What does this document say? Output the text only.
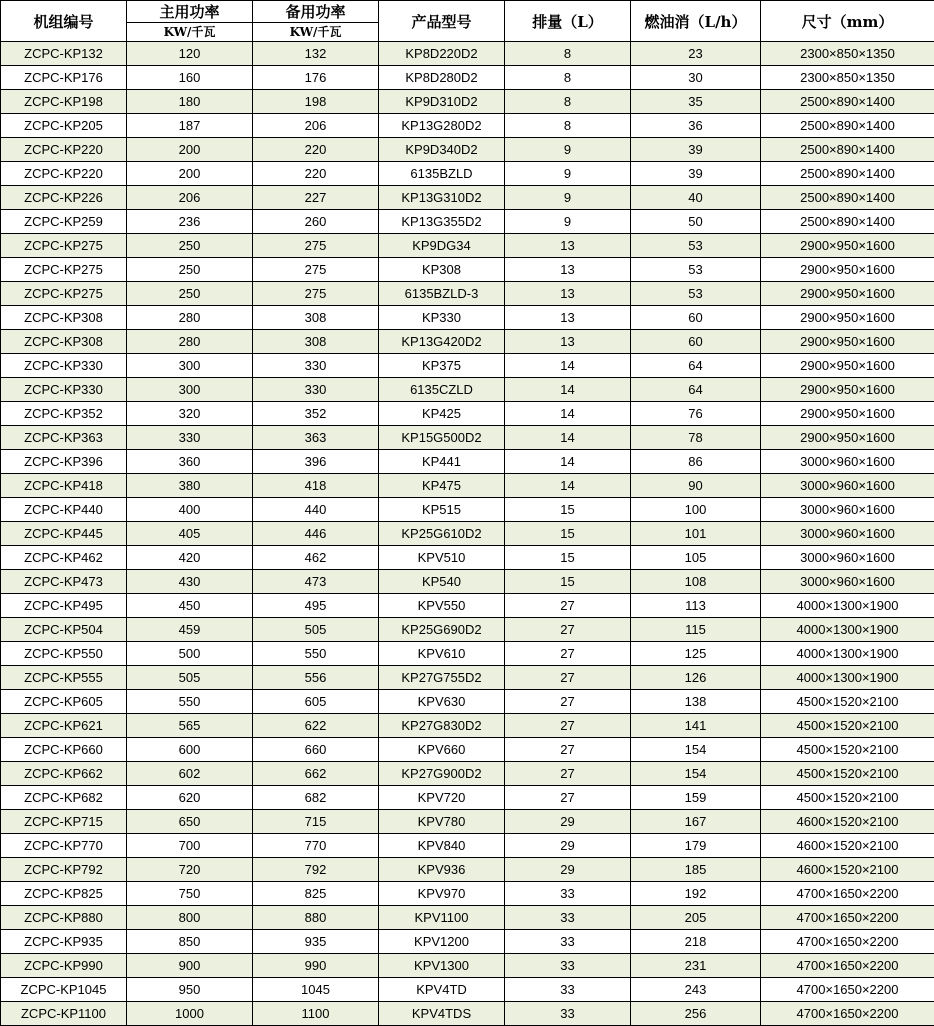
机组编号	主用功率	备用功率	产品型号	排量（L）	燃油消（L/h）	尺寸（mm）
	KW/千瓦	KW/千瓦				
ZCPC-KP132	120	132	KP8D220D2	8	23	2300×850×1350
ZCPC-KP176	160	176	KP8D280D2	8	30	2300×850×1350
ZCPC-KP198	180	198	KP9D310D2	8	35	2500×890×1400
ZCPC-KP205	187	206	KP13G280D2	8	36	2500×890×1400
ZCPC-KP220	200	220	KP9D340D2	9	39	2500×890×1400
ZCPC-KP220	200	220	6135BZLD	9	39	2500×890×1400
ZCPC-KP226	206	227	KP13G310D2	9	40	2500×890×1400
ZCPC-KP259	236	260	KP13G355D2	9	50	2500×890×1400
ZCPC-KP275	250	275	KP9DG34	13	53	2900×950×1600
ZCPC-KP275	250	275	KP308	13	53	2900×950×1600
ZCPC-KP275	250	275	6135BZLD-3	13	53	2900×950×1600
ZCPC-KP308	280	308	KP330	13	60	2900×950×1600
ZCPC-KP308	280	308	KP13G420D2	13	60	2900×950×1600
ZCPC-KP330	300	330	KP375	14	64	2900×950×1600
ZCPC-KP330	300	330	6135CZLD	14	64	2900×950×1600
ZCPC-KP352	320	352	KP425	14	76	2900×950×1600
ZCPC-KP363	330	363	KP15G500D2	14	78	2900×950×1600
ZCPC-KP396	360	396	KP441	14	86	3000×960×1600
ZCPC-KP418	380	418	KP475	14	90	3000×960×1600
ZCPC-KP440	400	440	KP515	15	100	3000×960×1600
ZCPC-KP445	405	446	KP25G610D2	15	101	3000×960×1600
ZCPC-KP462	420	462	KPV510	15	105	3000×960×1600
ZCPC-KP473	430	473	KP540	15	108	3000×960×1600
ZCPC-KP495	450	495	KPV550	27	113	4000×1300×1900
ZCPC-KP504	459	505	KP25G690D2	27	115	4000×1300×1900
ZCPC-KP550	500	550	KPV610	27	125	4000×1300×1900
ZCPC-KP555	505	556	KP27G755D2	27	126	4000×1300×1900
ZCPC-KP605	550	605	KPV630	27	138	4500×1520×2100
ZCPC-KP621	565	622	KP27G830D2	27	141	4500×1520×2100
ZCPC-KP660	600	660	KPV660	27	154	4500×1520×2100
ZCPC-KP662	602	662	KP27G900D2	27	154	4500×1520×2100
ZCPC-KP682	620	682	KPV720	27	159	4500×1520×2100
ZCPC-KP715	650	715	KPV780	29	167	4600×1520×2100
ZCPC-KP770	700	770	KPV840	29	179	4600×1520×2100
ZCPC-KP792	720	792	KPV936	29	185	4600×1520×2100
ZCPC-KP825	750	825	KPV970	33	192	4700×1650×2200
ZCPC-KP880	800	880	KPV1100	33	205	4700×1650×2200
ZCPC-KP935	850	935	KPV1200	33	218	4700×1650×2200
ZCPC-KP990	900	990	KPV1300	33	231	4700×1650×2200
ZCPC-KP1045	950	1045	KPV4TD	33	243	4700×1650×2200
ZCPC-KP1100	1000	1100	KPV4TDS	33	256	4700×1650×2200
